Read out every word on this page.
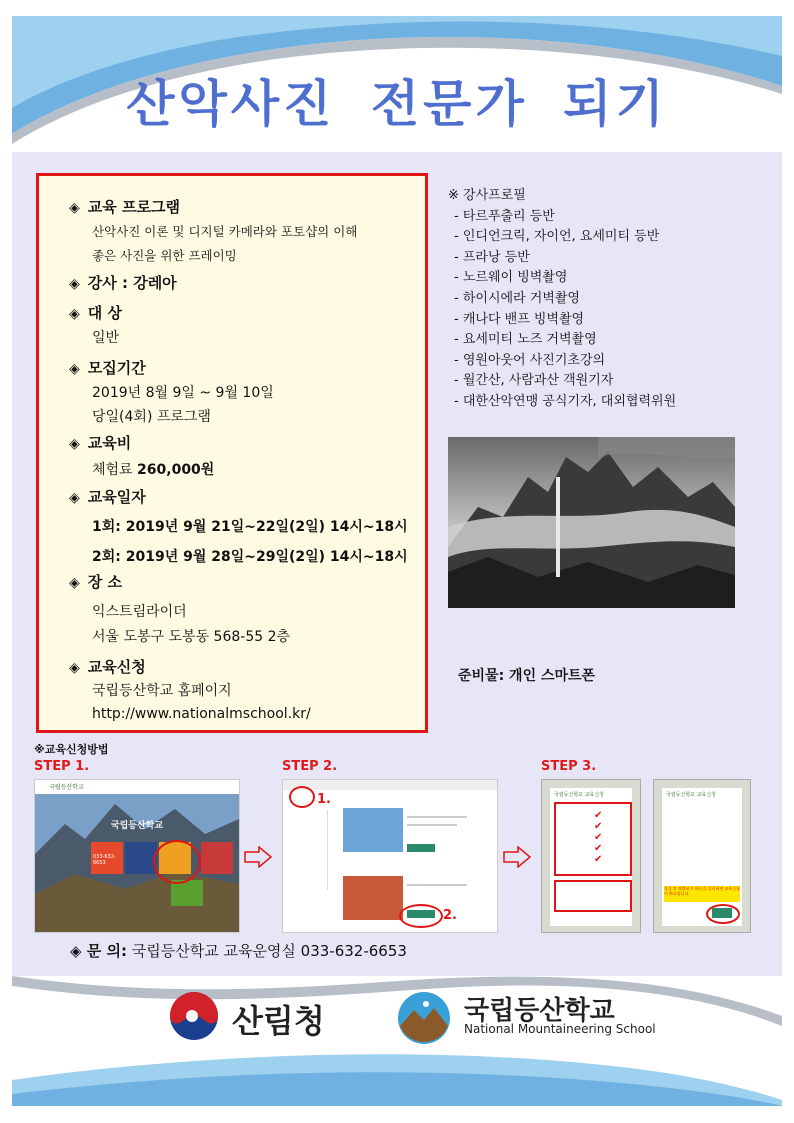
산악사진 전문가 되기
◈ 교육 프로그램
산악사진 이론 및 디지털 카메라와 포토샵의 이해
좋은 사진을 위한 프레이밍
◈ 강사 : 강레아
◈ 대 상
일반
◈ 모집기간
2019년 8월 9일 ~ 9월 10일
당일(4회) 프로그램
◈ 교육비
체험료 260,000원
◈ 교육일자
1회: 2019년 9월 21일~22일(2일) 14시~18시
2회: 2019년 9월 28일~29일(2일) 14시~18시
◈ 장 소
익스트림라이더
서울 도봉구 도봉동 568-55 2층
◈ 교육신청
국립등산학교 홈페이지
http://www.nationalmschool.kr/
※ 강사프로필
- 타르푸출리 등반
- 인디언크릭, 자이언, 요세미티 등반
- 프라낭 등반
- 노르웨이 빙벽촬영
- 하이시에라 거벽촬영
- 캐나다 밴프 빙벽촬영
- 요세미티 노즈 거벽촬영
- 영원아웃어 사진기초강의
- 월간산, 사람과산 객원기자
- 대한산악연맹 공식기자, 대외협력위원
준비물: 개인 스마트폰
※교육신청방법
STEP 1.	STEP 2.	STEP 3.
국립등산학교
국립등산학교
033-632-6653
1.
2.
국립등산학교 교육신청
✔
✔
✔
✔
✔
국립등산학교 교육신청
작성 후 제출하기 버튼을 클릭하면 교육신청이 완료됩니다.
◈ 문 의: 국립등산학교 교육운영실 033-632-6653
산림청	국립등산학교
National Mountaineering School
